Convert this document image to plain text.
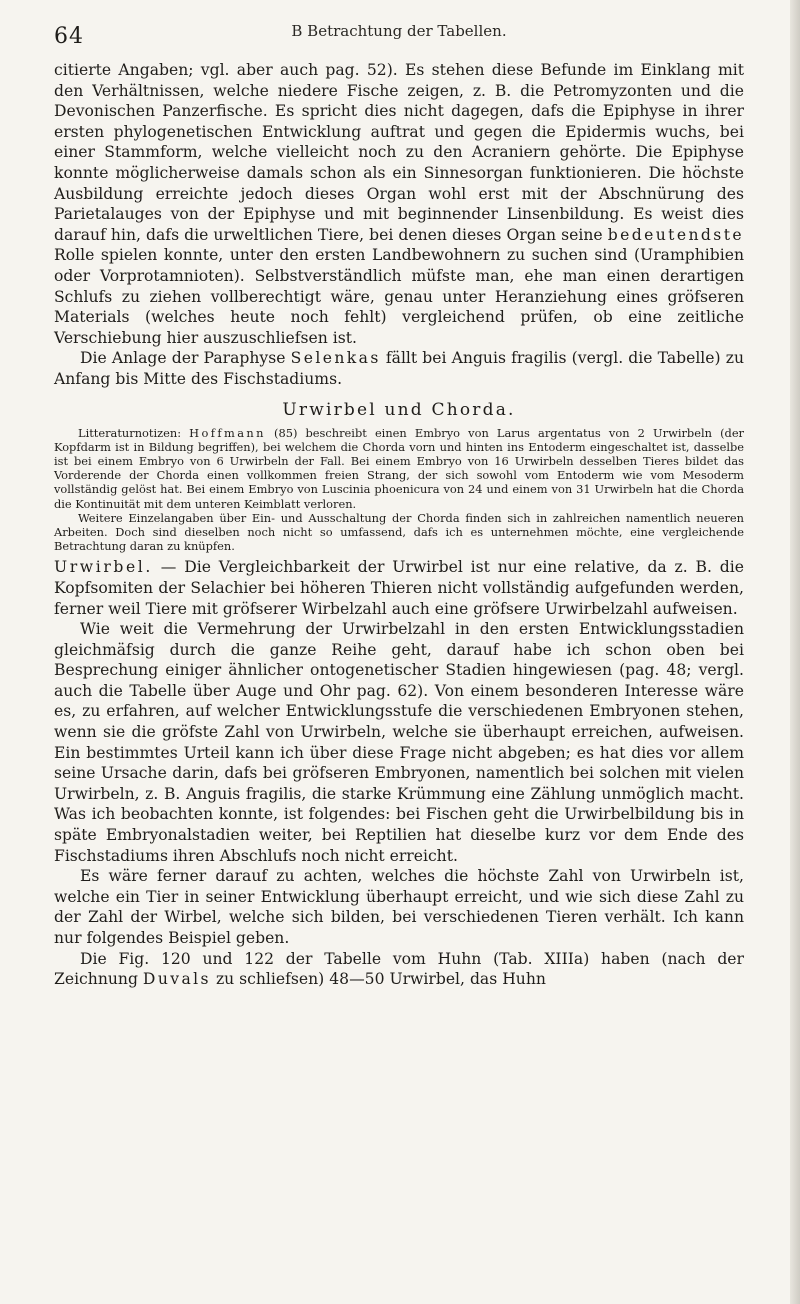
64	B Betrachtung der Tabellen.

citierte Angaben; vgl. aber auch pag. 52). Es stehen diese Befunde im Einklang mit den Verhältnissen, welche niedere Fische zeigen, z. B. die Petromyzonten und die Devonischen Panzerfische. Es spricht dies nicht dagegen, dafs die Epiphyse in ihrer ersten phylogenetischen Entwicklung auftrat und gegen die Epidermis wuchs, bei einer Stammform, welche vielleicht noch zu den Acraniern gehörte. Die Epiphyse konnte möglicherweise damals schon als ein Sinnesorgan funktionieren. Die höchste Ausbildung erreichte jedoch dieses Organ wohl erst mit der Abschnürung des Parietalauges von der Epiphyse und mit beginnender Linsenbildung. Es weist dies darauf hin, dafs die urweltlichen Tiere, bei denen dieses Organ seine bedeutendste Rolle spielen konnte, unter den ersten Landbewohnern zu suchen sind (Uramphibien oder Vorprotamnioten). Selbstverständlich müfste man, ehe man einen derartigen Schlufs zu ziehen vollberechtigt wäre, genau unter Heranziehung eines gröfseren Materials (welches heute noch fehlt) vergleichend prüfen, ob eine zeitliche Verschiebung hier auszuschliefsen ist.

Die Anlage der Paraphyse Selenkas fällt bei Anguis fragilis (vergl. die Tabelle) zu Anfang bis Mitte des Fischstadiums.

Urwirbel und Chorda.

Litteraturnotizen: Hoffmann (85) beschreibt einen Embryo von Larus argentatus von 2 Urwirbeln (der Kopfdarm ist in Bildung begriffen), bei welchem die Chorda vorn und hinten ins Entoderm eingeschaltet ist, dasselbe ist bei einem Embryo von 6 Urwirbeln der Fall. Bei einem Embryo von 16 Urwirbeln desselben Tieres bildet das Vorderende der Chorda einen vollkommen freien Strang, der sich sowohl vom Entoderm wie vom Mesoderm vollständig gelöst hat. Bei einem Embryo von Luscinia phoenicura von 24 und einem von 31 Urwirbeln hat die Chorda die Kontinuität mit dem unteren Keimblatt verloren.

Weitere Einzelangaben über Ein- und Ausschaltung der Chorda finden sich in zahlreichen namentlich neueren Arbeiten. Doch sind dieselben noch nicht so umfassend, dafs ich es unternehmen möchte, eine vergleichende Betrachtung daran zu knüpfen.

Urwirbel. — Die Vergleichbarkeit der Urwirbel ist nur eine relative, da z. B. die Kopfsomiten der Selachier bei höheren Thieren nicht vollständig aufgefunden werden, ferner weil Tiere mit gröfserer Wirbelzahl auch eine gröfsere Urwirbelzahl aufweisen.

Wie weit die Vermehrung der Urwirbelzahl in den ersten Entwicklungsstadien gleichmäfsig durch die ganze Reihe geht, darauf habe ich schon oben bei Besprechung einiger ähnlicher ontogenetischer Stadien hingewiesen (pag. 48; vergl. auch die Tabelle über Auge und Ohr pag. 62). Von einem besonderen Interesse wäre es, zu erfahren, auf welcher Entwicklungsstufe die verschiedenen Embryonen stehen, wenn sie die gröfste Zahl von Urwirbeln, welche sie überhaupt erreichen, aufweisen. Ein bestimmtes Urteil kann ich über diese Frage nicht abgeben; es hat dies vor allem seine Ursache darin, dafs bei gröfseren Embryonen, namentlich bei solchen mit vielen Urwirbeln, z. B. Anguis fragilis, die starke Krümmung eine Zählung unmöglich macht. Was ich beobachten konnte, ist folgendes: bei Fischen geht die Urwirbelbildung bis in späte Embryonalstadien weiter, bei Reptilien hat dieselbe kurz vor dem Ende des Fischstadiums ihren Abschlufs noch nicht erreicht.

Es wäre ferner darauf zu achten, welches die höchste Zahl von Urwirbeln ist, welche ein Tier in seiner Entwicklung überhaupt erreicht, und wie sich diese Zahl zu der Zahl der Wirbel, welche sich bilden, bei verschiedenen Tieren verhält. Ich kann nur folgendes Beispiel geben.

Die Fig. 120 und 122 der Tabelle vom Huhn (Tab. XIIIa) haben (nach der Zeichnung Duvals zu schliefsen) 48—50 Urwirbel, das Huhn
